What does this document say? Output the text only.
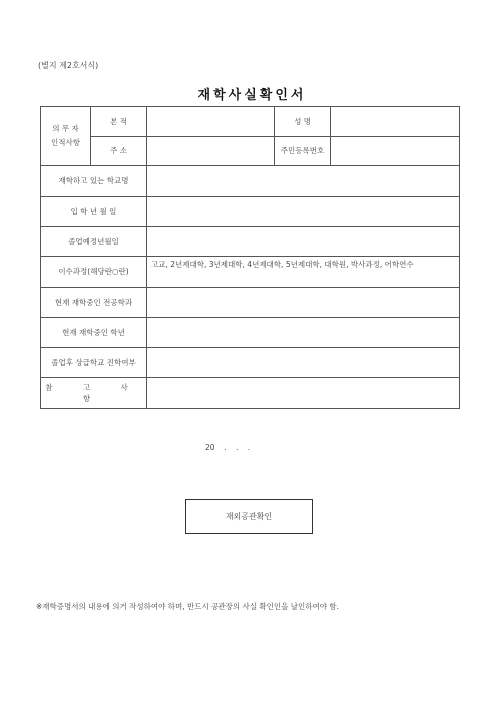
(별지 제2호서식)
재학사실확인서
의 무 자
인적사항	본 적		성 명	
	주 소		주민등록번호	
재학하고 있는 학교명				
입 학 년 월 일				
졸업예정년월일				
이수과정(해당란○란)		고교, 2년제대학, 3년제대학, 4년제대학, 5년제대학, 대학원, 박사과정, 어학연수		
현재 재학중인 전공학과				
현재 재학중인 학년				
졸업후 상급학교 진학여부				
참 고 사 항				
20    .    .    .
재외공관확인
※재학증명서의 내용에 의거 작성하여야 하며, 반드시 공관장의 사실 확인인을 날인하여야 함.
